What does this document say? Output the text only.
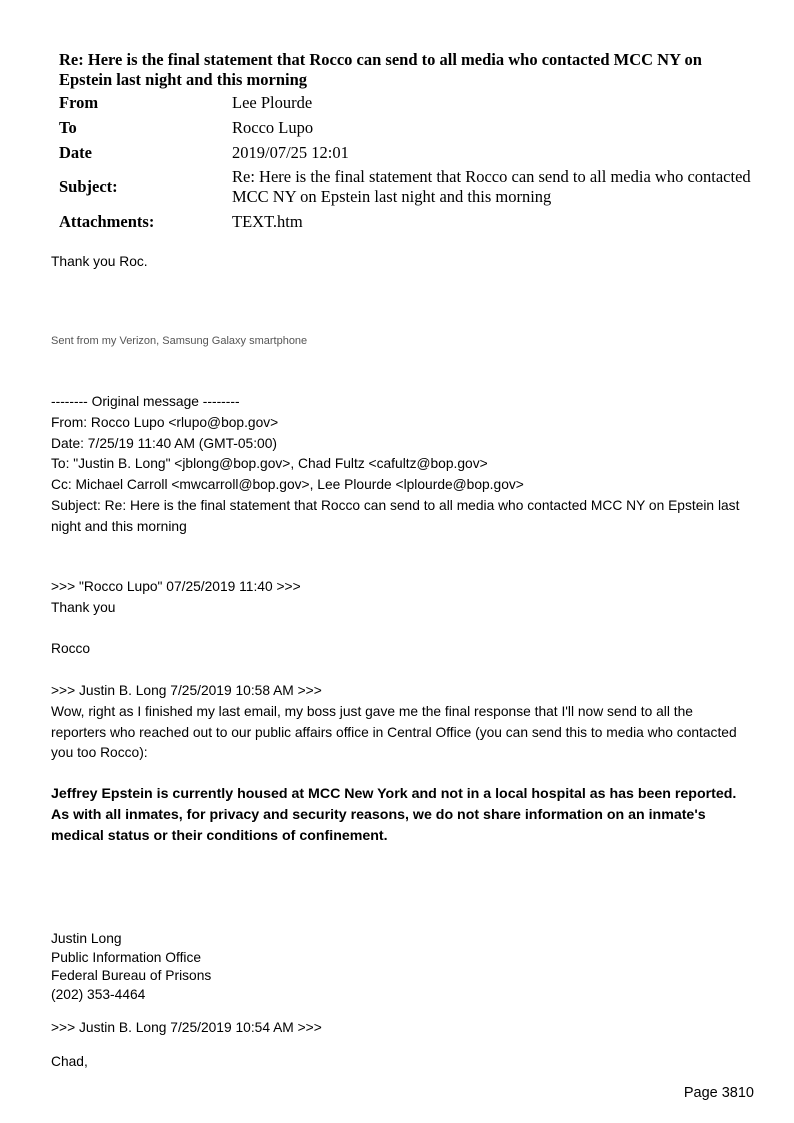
Re: Here is the final statement that Rocco can send to all media who contacted MCC NY on Epstein last night and this morning
From	Lee Plourde
To	Rocco Lupo
Date	2019/07/25 12:01
Subject:
Re: Here is the final statement that Rocco can send to all media who contacted MCC NY on Epstein last night and this morning
Attachments:	TEXT.htm

Thank you Roc.

Sent from my Verizon, Samsung Galaxy smartphone

-------- Original message --------
From: Rocco Lupo <rlupo@bop.gov>
Date: 7/25/19 11:40 AM (GMT-05:00)
To: "Justin B. Long" <jblong@bop.gov>, Chad Fultz <cafultz@bop.gov>
Cc: Michael Carroll <mwcarroll@bop.gov>, Lee Plourde <lplourde@bop.gov>
Subject: Re: Here is the final statement that Rocco can send to all media who contacted MCC NY on Epstein last night and this morning
>>> "Rocco Lupo" 07/25/2019 11:40 >>>
Thank you
Rocco
>>> Justin B. Long 7/25/2019 10:58 AM >>>
Wow, right as I finished my last email, my boss just gave me the final response that I'll now send to all the reporters who reached out to our public affairs office in Central Office (you can send this to media who contacted you too Rocco):
Jeffrey Epstein is currently housed at MCC New York and not in a local hospital as has been reported. As with all inmates, for privacy and security reasons, we do not share information on an inmate's medical status or their conditions of confinement.
Justin Long
Public Information Office
Federal Bureau of Prisons
(202) 353-4464
>>> Justin B. Long 7/25/2019 10:54 AM >>>
Chad,
Page 3810
